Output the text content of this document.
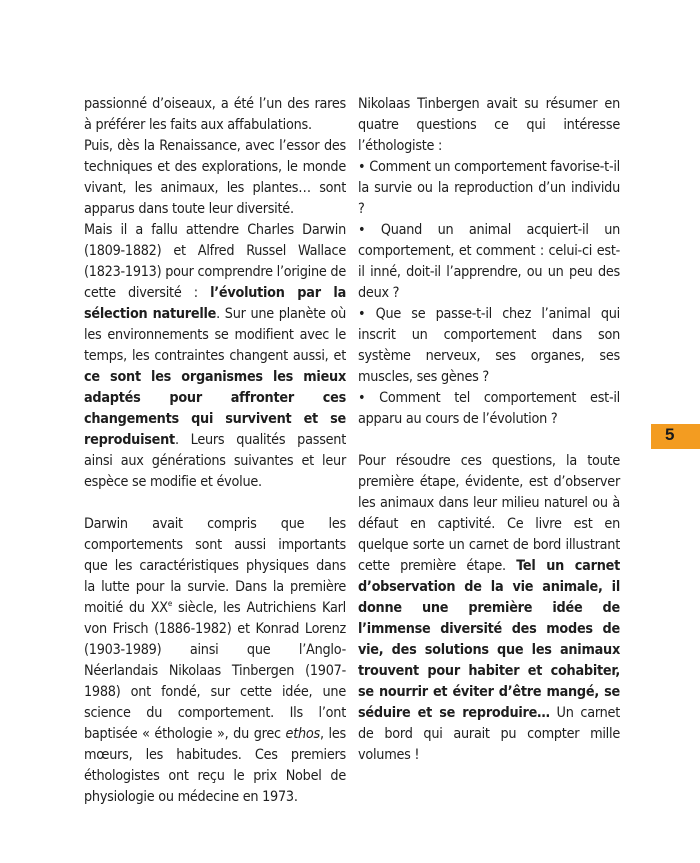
passionné d’oiseaux, a été l’un des rares à préférer les faits aux affabulations.

Puis, dès la Renaissance, avec l’essor des techniques et des explorations, le monde vivant, les animaux, les plantes… sont apparus dans toute leur diversité.

Mais il a fallu attendre Charles Darwin (1809-1882) et Alfred Russel Wallace (1823-1913) pour comprendre l’origine de cette diversité : l’évolution par la sélection naturelle. Sur une planète où les environnements se modifient avec le temps, les contraintes changent aussi, et ce sont les organismes les mieux adaptés pour affronter ces changements qui survivent et se reproduisent. Leurs qualités passent ainsi aux générations suivantes et leur espèce se modifie et évolue.

Darwin avait compris que les comportements sont aussi importants que les caractéristiques physiques dans la lutte pour la survie. Dans la première moitié du XXe siècle, les Autrichiens Karl von Frisch (1886-1982) et Konrad Lorenz (1903-1989) ainsi que l’Anglo-Néerlandais Nikolaas Tinbergen (1907-1988) ont fondé, sur cette idée, une science du comportement. Ils l’ont baptisée « éthologie », du grec ethos, les mœurs, les habitudes. Ces premiers éthologistes ont reçu le prix Nobel de physiologie ou médecine en 1973.

Nikolaas Tinbergen avait su résumer en quatre questions ce qui intéresse l’éthologiste :

• Comment un comportement favorise-t-il la survie ou la reproduction d’un individu ?

• Quand un animal acquiert-il un comportement, et comment : celui-ci est-il inné, doit-il l’apprendre, ou un peu des deux ?

• Que se passe-t-il chez l’animal qui inscrit un comportement dans son système nerveux, ses organes, ses muscles, ses gènes ?

• Comment tel comportement est-il apparu au cours de l’évolution ?

Pour résoudre ces questions, la toute première étape, évidente, est d’observer les animaux dans leur milieu naturel ou à défaut en captivité. Ce livre est en quelque sorte un carnet de bord illustrant cette première étape. Tel un carnet d’observation de la vie animale, il donne une première idée de l’immense diversité des modes de vie, des solutions que les animaux trouvent pour habiter et cohabiter, se nourrir et éviter d’être mangé, se séduire et se reproduire… Un carnet de bord qui aurait pu compter mille volumes !

5
